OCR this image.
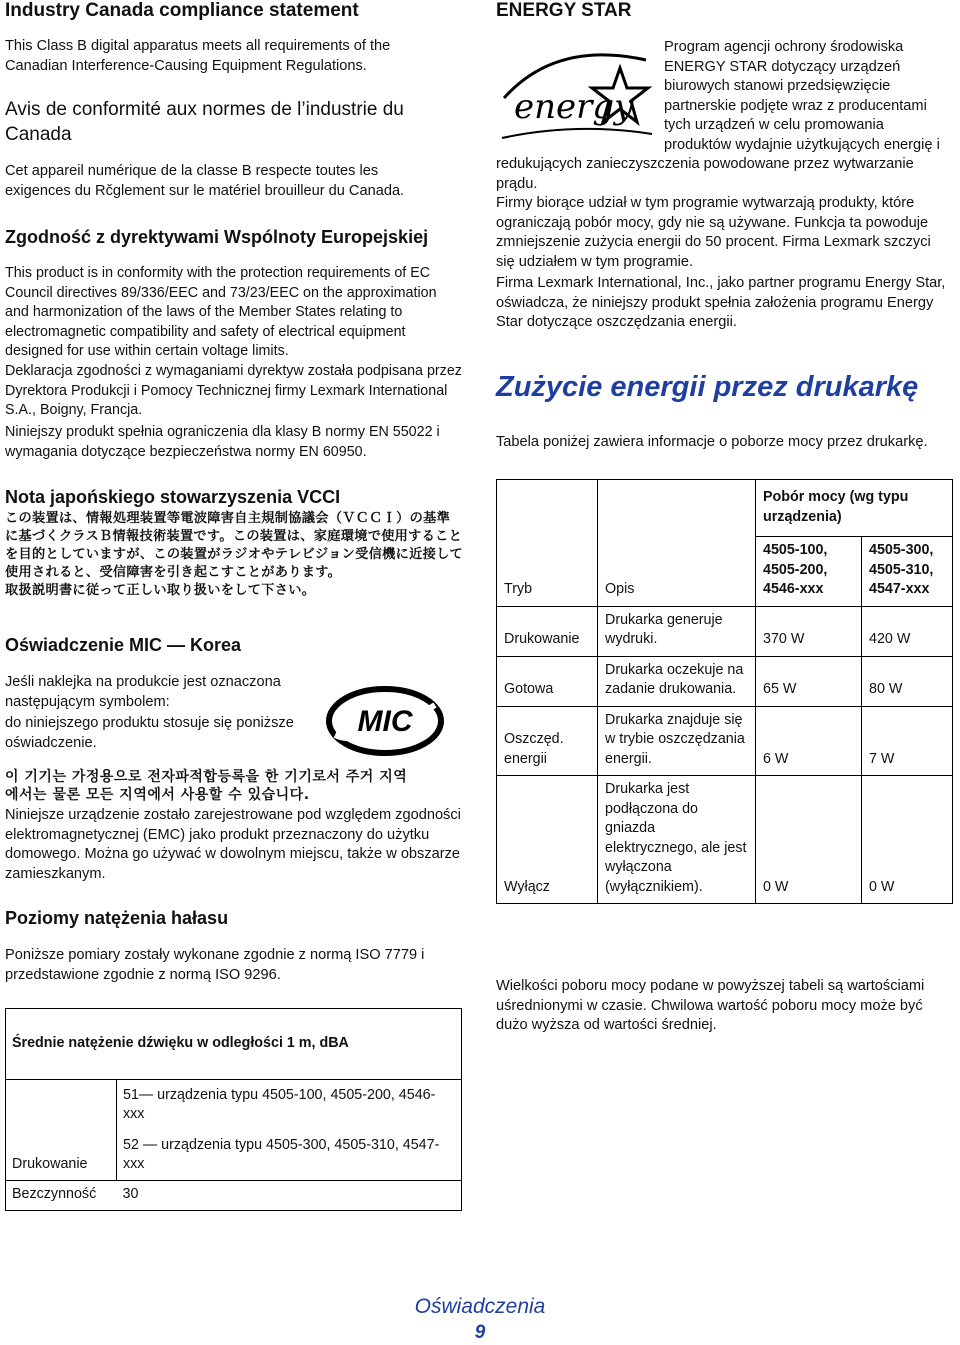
Industry Canada compliance statement

This Class B digital apparatus meets all requirements of the Canadian Interference-Causing Equipment Regulations.

Avis de conformité aux normes de l’industrie du Canada

Cet appareil numérique de la classe B respecte toutes les exigences du Rčglement sur le matériel brouilleur du Canada.

Zgodność z dyrektywami Wspólnoty Europejskiej

This product is in conformity with the protection requirements of EC Council directives 89/336/EEC and 73/23/EEC on the approximation and harmonization of the laws of the Member States relating to electromagnetic compatibility and safety of electrical equipment designed for use within certain voltage limits.

Deklaracja zgodności z wymaganiami dyrektyw została podpisana przez Dyrektora Produkcji i Pomocy Technicznej firmy Lexmark International S.A., Boigny, Francja.

Niniejszy produkt spełnia ograniczenia dla klasy B normy EN 55022 i wymagania dotyczące bezpieczeństwa normy EN 60950.

Nota japońskiego stowarzyszenia VCCI
この装置は、情報処理装置等電波障害自主規制協議会（ＶＣＣＩ）の基準
に基づくクラスＢ情報技術装置です。この装置は、家庭環境で使用すること
を目的としていますが、この装置がラジオやテレビジョン受信機に近接して
使用されると、受信障害を引き起こすことがあります。
取扱説明書に従って正しい取り扱いをして下さい。
Oświadczenie MIC — Korea

Jeśli naklejka na produkcie jest oznaczona następującym symbolem:

do niniejszego produktu stosuje się poniższe oświadczenie.

MIC
이 기기는 가정용으로 전자파적합등록을 한 기기로서 주거 지역
에서는 물론 모든 지역에서 사용할 수 있습니다.

Niniejsze urządzenie zostało zarejestrowane pod względem zgodności elektromagnetycznej (EMC) jako produkt przeznaczony do użytku domowego. Można go używać w dowolnym miejscu, także w obszarze zamieszkanym.

Poziomy natężenia hałasu

Poniższe pomiary zostały wykonane zgodnie z normą ISO 7779 i przedstawione zgodnie z normą ISO 9296.

Średnie natężenie dźwięku w odległości 1 m, dBA	
Drukowanie	51— urządzenia typu 4505-100, 4505-200, 4546-xxx
	52 — urządzenia typu 4505-300, 4505-310, 4547-xxx
Bezczynność	30
ENERGY STAR
energy

Program agencji ochrony środowiska ENERGY STAR dotyczący urządzeń biurowych stanowi przedsięwzięcie partnerskie podjęte wraz z producentami tych urządzeń w celu promowania produktów wydajnie użytkujących energię i redukujących zanieczyszczenia powodowane przez wytwarzanie prądu.

Firmy biorące udział w tym programie wytwarzają produkty, które ograniczają pobór mocy, gdy nie są używane. Funkcja ta powoduje zmniejszenie zużycia energii do 50 procent. Firma Lexmark szczyci się udziałem w tym programie.

Firma Lexmark International, Inc., jako partner programu Energy Star, oświadcza, że niniejszy produkt spełnia założenia programu Energy Star dotyczące oszczędzania energii.

Zużycie energii przez drukarkę

Tabela poniżej zawiera informacje o poborze mocy przez drukarkę.

Tryb	Opis	Pobór mocy (wg typu urządzenia)	
		4505-100, 4505-200, 4546-xxx	4505-300, 4505-310, 4547-xxx
Drukowanie	Drukarka generuje wydruki.	370 W	420 W
Gotowa	Drukarka oczekuje na zadanie drukowania.	65 W	80 W
Oszczęd. energii	Drukarka znajduje się w trybie oszczędzania energii.	6 W	7 W
Wyłącz	Drukarka jest podłączona do gniazda elektrycznego, ale jest wyłączona (wyłącznikiem).	0 W	0 W

Wielkości poboru mocy podane w powyższej tabeli są wartościami uśrednionymi w czasie. Chwilowa wartość poboru mocy może być dużo wyższa od wartości średniej.

Oświadczenia
9
